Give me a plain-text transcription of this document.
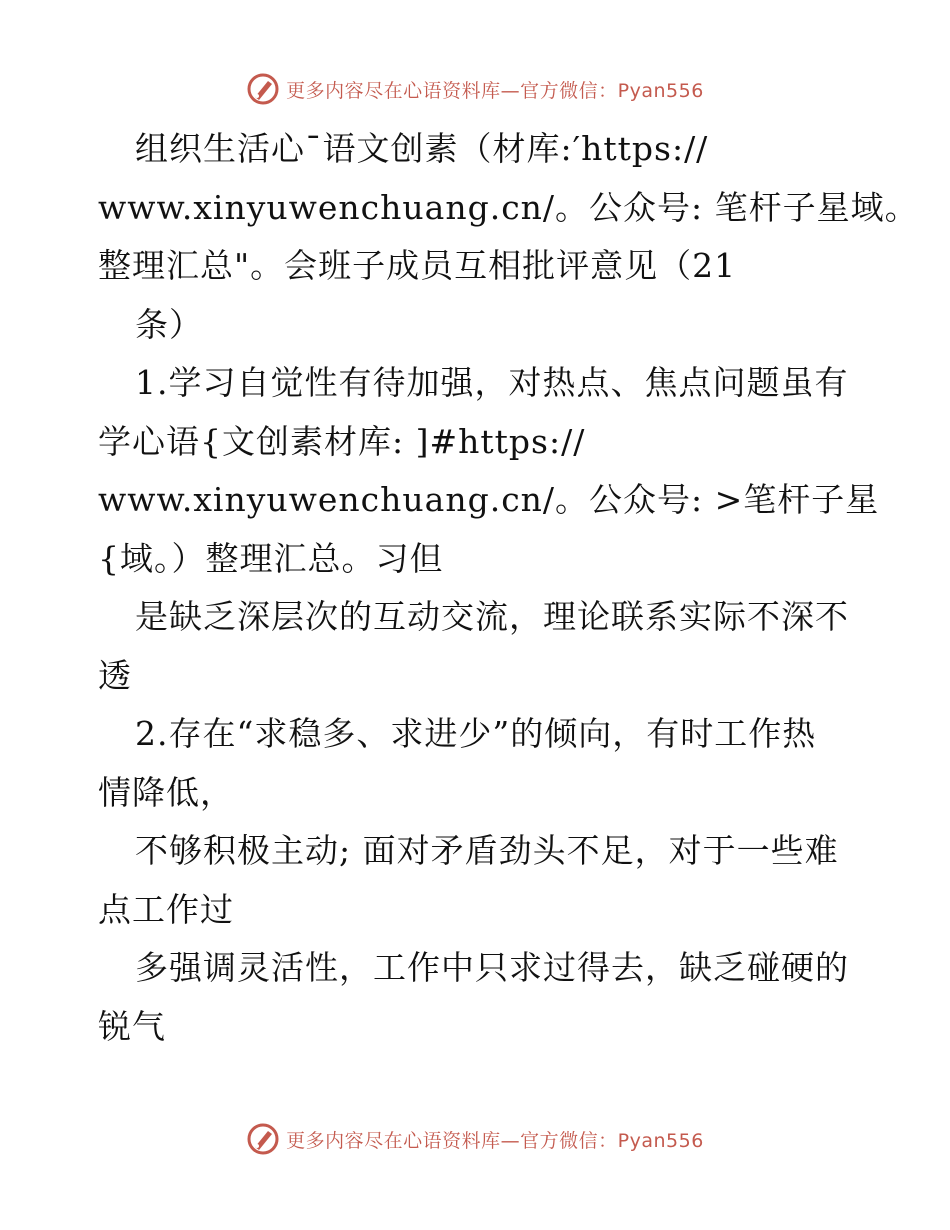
更多内容尽在心语资料库—官方微信：Pyan556
组织生活心¯语文创素（材库:′https://
www.xinyuwenchuang.cn/。公众号: 笔杆子星域。
整理汇总"。会班子成员互相批评意见（21
条）
1.学习自觉性有待加强，对热点、焦点问题虽有
学心语{文创素材库: ]#https://
www.xinyuwenchuang.cn/。公众号: >笔杆子星
{域。）整理汇总。习但
是缺乏深层次的互动交流，理论联系实际不深不
透
2.存在“求稳多、求进少”的倾向，有时工作热
情降低，
不够积极主动; 面对矛盾劲头不足，对于一些难
点工作过
多强调灵活性，工作中只求过得去，缺乏碰硬的
锐气
更多内容尽在心语资料库—官方微信：Pyan556
